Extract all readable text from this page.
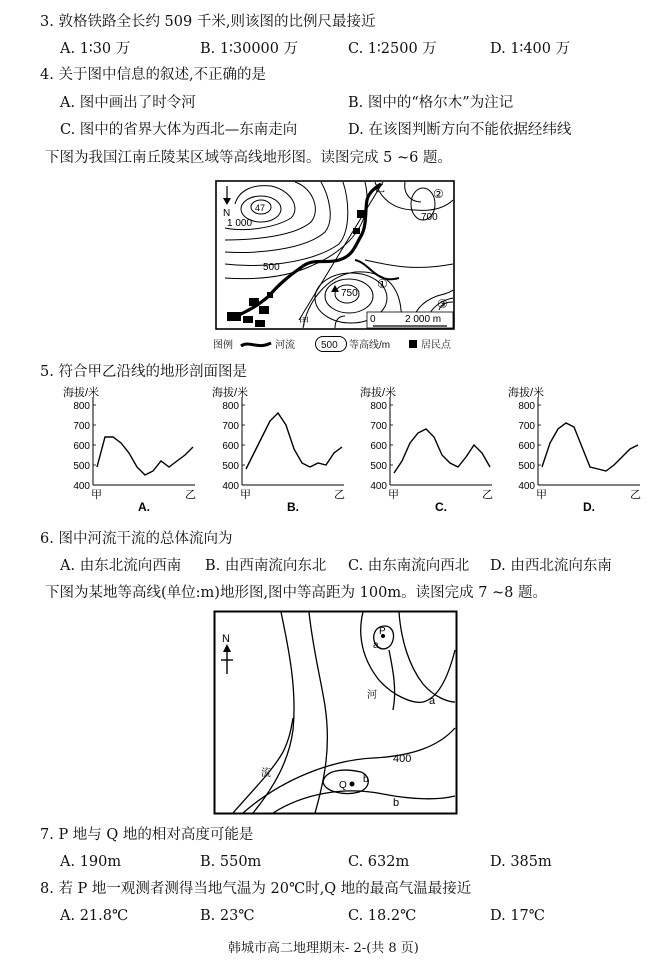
3. 敦格铁路全长约 509 千米,则该图的比例尺最接近
A. 1∶30 万	B. 1∶30000 万	C. 1∶2500 万	D. 1∶400 万
4. 关于图中信息的叙述,不正确的是
A. 图中画出了时令河	B. 图中的“格尔木”为注记
C. 图中的省界大体为西北—东南走向	D. 在该图判断方向不能依据经纬线
下图为我国江南丘陵某区域等高线地形图。读图完成 5 ~6 题。
N	47
1 000
500
700
750
②
①
③
甲
乙
0	2 000 m
图例	河流	500 等高线/m	居民点
5. 符合甲乙沿线的地形剖面图是
海拔/米
400
500
600
700
800
甲	乙
A.
海拔/米
400
500
600
700
800
甲	乙
B.
海拔/米
400
500
600
700
800
甲	乙
C.
海拔/米
400
500
600
700
800
甲	乙
D.
6. 图中河流干流的总体流向为
A. 由东北流向西南 B. 由西南流向东北 C. 由东南流向西北 D. 由西北流向东南
下图为某地等高线(单位:m)地形图,图中等高距为 100m。读图完成 7 ~8 题。
N
P
a
a
河
流
400
Q
b
b
7. P 地与 Q 地的相对高度可能是
A. 190m	B. 550m	C. 632m	D. 385m
8. 若 P 地一观测者测得当地气温为 20℃时,Q 地的最高气温最接近
A. 21.8℃	B. 23℃	C. 18.2℃	D. 17℃
韩城市高二地理期末- 2-(共 8 页)
